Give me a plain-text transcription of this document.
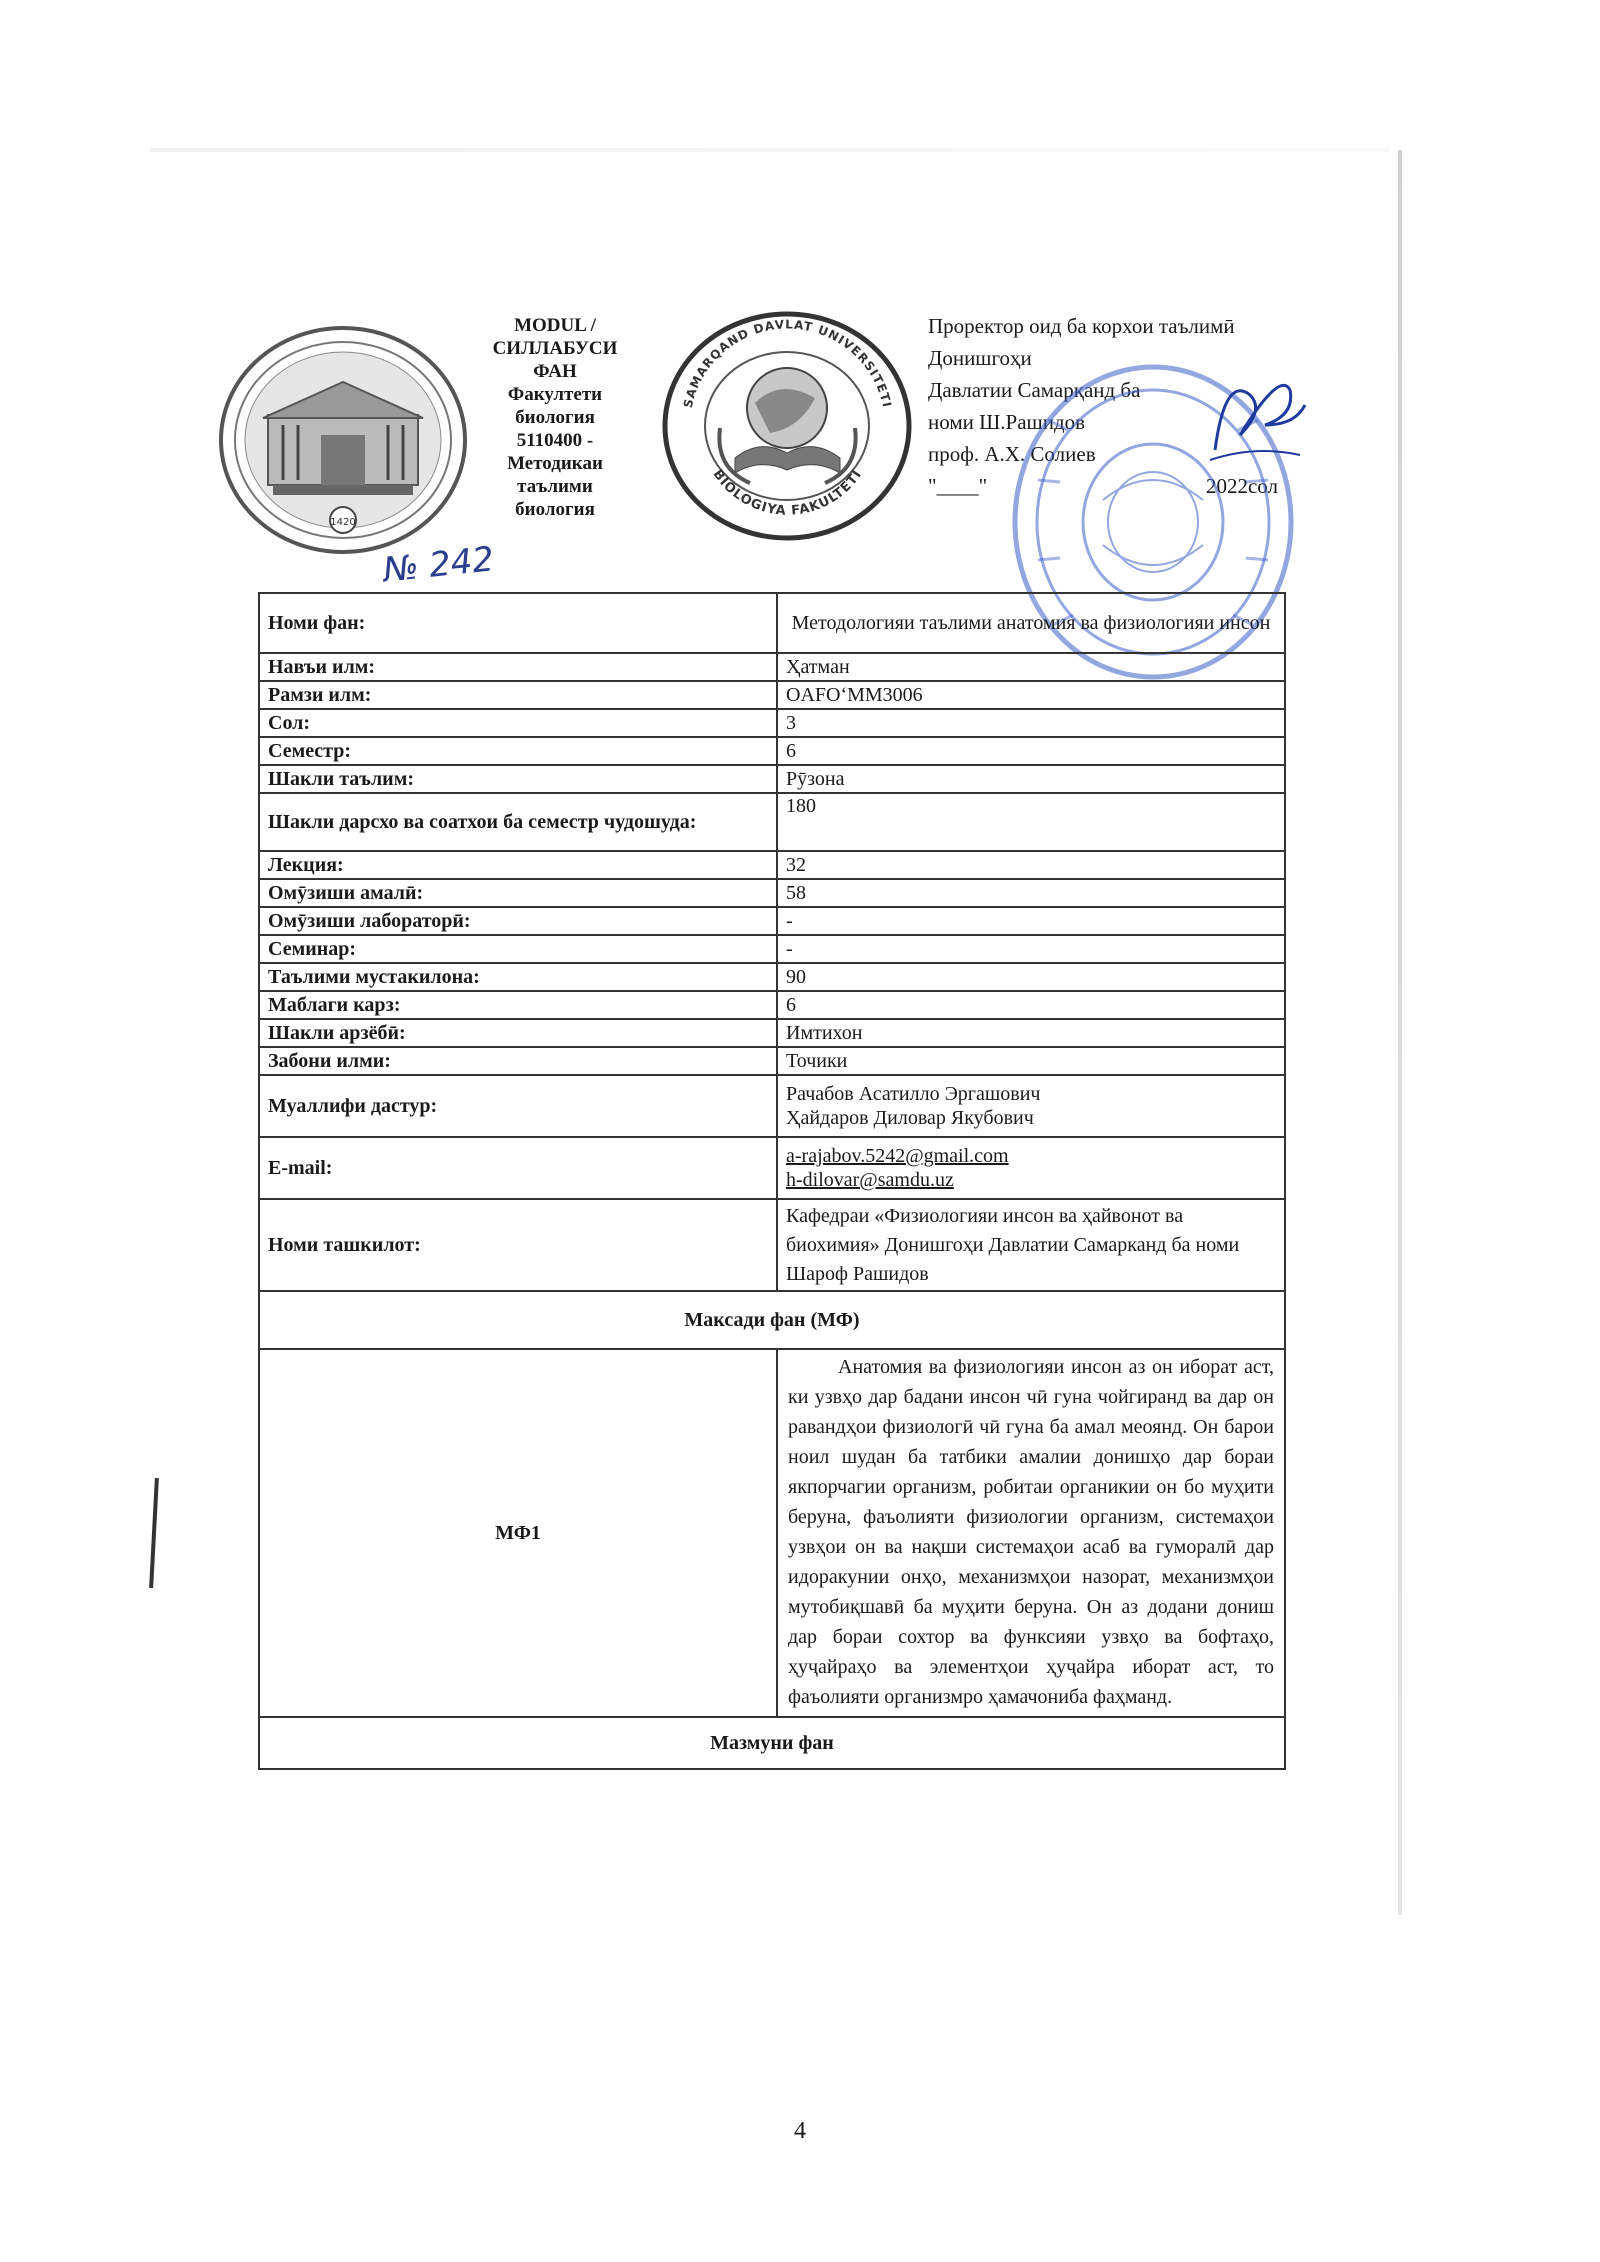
1420
MODUL /
СИЛЛАБУСИ
ФАН
Факултети
биология
5110400 -
Методикаи
таълими
биология
SAMARQAND DAVLAT UNIVERSITETI
BIOLOGIYA FAKULTETI
Проректор оид ба корхои таълимӣ
Донишгоҳи
Давлатии Самарқанд ба
номи Ш.Рашидов
проф. А.Х. Солиев
"____"	2022сол
№ 242
Номи фан:	Методологияи таълими анатомия ва физиологияи инсон
Навъи илм:	Ҳатман
Рамзи илм:	OAFO‘MM3006
Сол:	3
Семестр:	6
Шакли таълим:	Рӯзона
Шакли дарсхо ва соатхои ба семестр чудошуда:	180
Лекция:	32
Омӯзиши амалӣ:	58
Омӯзиши лабораторӣ:	-
Семинар:	-
Таълими мустакилона:	90
Маблаги карз:	6
Шакли арзёбӣ:	Имтихон
Забони илми:	Точики
Муаллифи дастур:	Рачабов Асатилло Эргашович
Ҳайдаров Диловар Якубович

E-mail:	a-rajabov.5242@gmail.com
h-dilovar@samdu.uz

Номи ташкилот:	Кафедраи «Физиологияи инсон ва ҳайвонот ва биохимия» Донишгоҳи Давлатии Самарканд ба номи Шароф Рашидов
Максади фан (МФ)	
МФ1	Анатомия ва физиологияи инсон аз он иборат аст, ки узвҳо дар бадани инсон чӣ гуна чойгиранд ва дар он равандҳои физиологӣ чӣ гуна ба амал меоянд. Он барои ноил шудан ба татбики амалии донишҳо дар бораи якпорчагии организм, робитаи органикии он бо муҳити беруна, фаъолияти физиологии организм, системаҳои узвҳои он ва нақши системаҳои асаб ва гуморалӣ дар идоракунии онҳо, механизмҳои назорат, механизмҳои мутобиқшавӣ ба муҳити беруна. Он аз додани дониш дар бораи сохтор ва функсияи узвҳо ва бофтаҳо, ҳуҷайраҳо ва элементҳои ҳуҷайра иборат аст, то фаъолияти организмро ҳамачониба фаҳманд.
Мазмуни фан	
4
